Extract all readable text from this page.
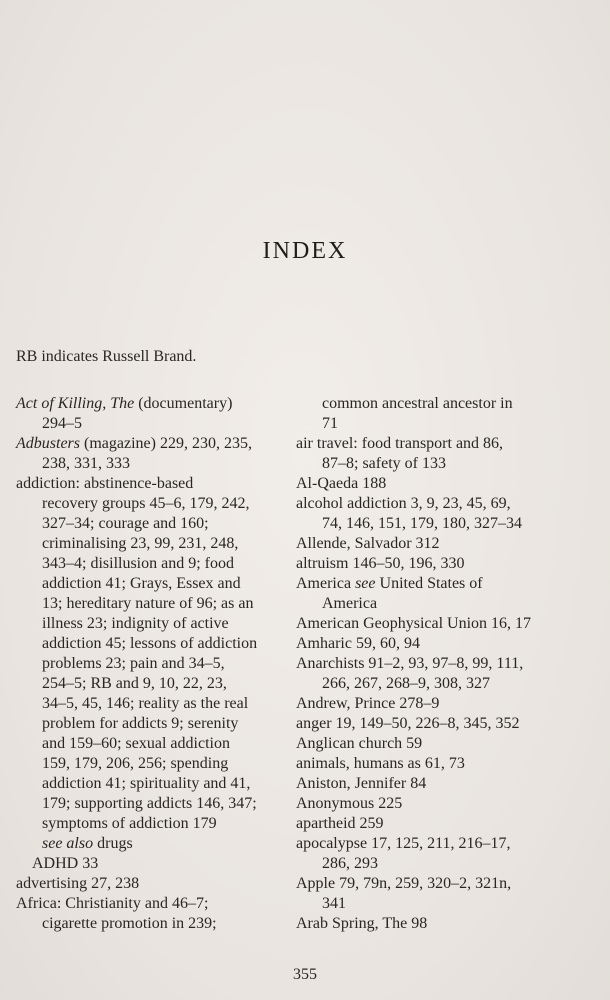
INDEX
RB indicates Russell Brand.
Act of Killing, The (documentary)
294–5
Adbusters (magazine) 229, 230, 235,
238, 331, 333
addiction: abstinence-based
recovery groups 45–6, 179, 242,
327–34; courage and 160;
criminalising 23, 99, 231, 248,
343–4; disillusion and 9; food
addiction 41; Grays, Essex and
13; hereditary nature of 96; as an
illness 23; indignity of active
addiction 45; lessons of addiction
problems 23; pain and 34–5,
254–5; RB and 9, 10, 22, 23,
34–5, 45, 146; reality as the real
problem for addicts 9; serenity
and 159–60; sexual addiction
159, 179, 206, 256; spending
addiction 41; spirituality and 41,
179; supporting addicts 146, 347;
symptoms of addiction 179
see also drugs
ADHD 33
advertising 27, 238
Africa: Christianity and 46–7;
cigarette promotion in 239;
common ancestral ancestor in
71
air travel: food transport and 86,
87–8; safety of 133
Al-Qaeda 188
alcohol addiction 3, 9, 23, 45, 69,
74, 146, 151, 179, 180, 327–34
Allende, Salvador 312
altruism 146–50, 196, 330
America see United States of
America
American Geophysical Union 16, 17
Amharic 59, 60, 94
Anarchists 91–2, 93, 97–8, 99, 111,
266, 267, 268–9, 308, 327
Andrew, Prince 278–9
anger 19, 149–50, 226–8, 345, 352
Anglican church 59
animals, humans as 61, 73
Aniston, Jennifer 84
Anonymous 225
apartheid 259
apocalypse 17, 125, 211, 216–17,
286, 293
Apple 79, 79n, 259, 320–2, 321n,
341
Arab Spring, The 98
355
